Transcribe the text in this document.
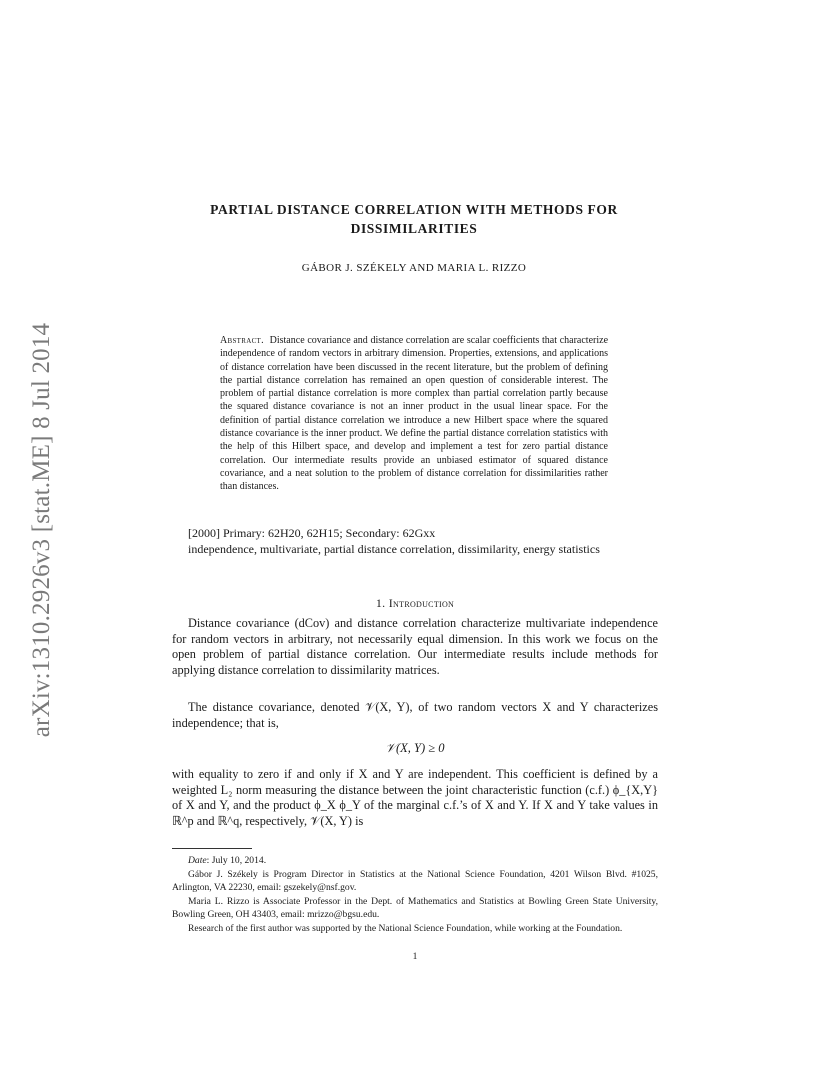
arXiv:1310.2926v3 [stat.ME] 8 Jul 2014
PARTIAL DISTANCE CORRELATION WITH METHODS FOR DISSIMILARITIES
GÁBOR J. SZÉKELY AND MARIA L. RIZZO
Abstract. Distance covariance and distance correlation are scalar coefficients that characterize independence of random vectors in arbitrary dimension. Properties, extensions, and applications of distance correlation have been discussed in the recent literature, but the problem of defining the partial distance correlation has remained an open question of considerable interest. The problem of partial distance correlation is more complex than partial correlation partly because the squared distance covariance is not an inner product in the usual linear space. For the definition of partial distance correlation we introduce a new Hilbert space where the squared distance covariance is the inner product. We define the partial distance correlation statistics with the help of this Hilbert space, and develop and implement a test for zero partial distance correlation. Our intermediate results provide an unbiased estimator of squared distance covariance, and a neat solution to the problem of distance correlation for dissimilarities rather than distances.
[2000] Primary: 62H20, 62H15; Secondary: 62Gxx
independence, multivariate, partial distance correlation, dissimilarity, energy statistics
1. Introduction
Distance covariance (dCov) and distance correlation characterize multivariate independence for random vectors in arbitrary, not necessarily equal dimension. In this work we focus on the open problem of partial distance correlation. Our intermediate results include methods for applying distance correlation to dissimilarity matrices.
The distance covariance, denoted 𝒱(X, Y), of two random vectors X and Y characterizes independence; that is,
𝒱(X, Y) ≥ 0
with equality to zero if and only if X and Y are independent. This coefficient is defined by a weighted L₂ norm measuring the distance between the joint characteristic function (c.f.) ϕ_{X,Y} of X and Y, and the product ϕ_X ϕ_Y of the marginal c.f.’s of X and Y. If X and Y take values in ℝ^p and ℝ^q, respectively, 𝒱(X, Y) is

Date: July 10, 2014.

Gábor J. Székely is Program Director in Statistics at the National Science Foundation, 4201 Wilson Blvd. #1025, Arlington, VA 22230, email: gszekely@nsf.gov.

Maria L. Rizzo is Associate Professor in the Dept. of Mathematics and Statistics at Bowling Green State University, Bowling Green, OH 43403, email: mrizzo@bgsu.edu.

Research of the first author was supported by the National Science Foundation, while working at the Foundation.

1
